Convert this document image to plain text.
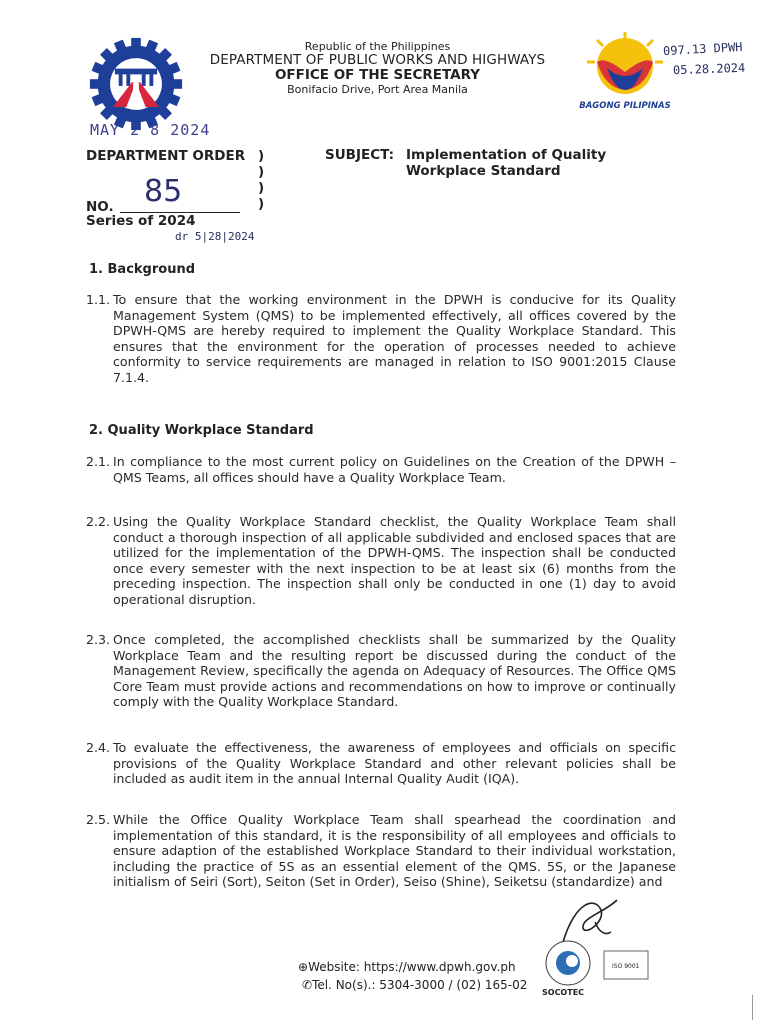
Republic of the Philippines
DEPARTMENT OF PUBLIC WORKS AND HIGHWAYS
OFFICE OF THE SECRETARY
Bonifacio Drive, Port Area Manila
BAGONG PILIPINAS
097.13 DPWH
05.28.2024
MAY 2 8 2024
DEPARTMENT ORDER
85
NO.
Series of 2024
dr 5|28|2024
)
)
)
)
SUBJECT: Implementation of Quality Workplace Standard
1. Background
1.1. To ensure that the working environment in the DPWH is conducive for its Quality Management System (QMS) to be implemented effectively, all offices covered by the DPWH-QMS are hereby required to implement the Quality Workplace Standard. This ensures that the environment for the operation of processes needed to achieve conformity to service requirements are managed in relation to ISO 9001:2015 Clause 7.1.4.
2. Quality Workplace Standard
2.1. In compliance to the most current policy on Guidelines on the Creation of the DPWH – QMS Teams, all offices should have a Quality Workplace Team.
2.2. Using the Quality Workplace Standard checklist, the Quality Workplace Team shall conduct a thorough inspection of all applicable subdivided and enclosed spaces that are utilized for the implementation of the DPWH-QMS. The inspection shall be conducted once every semester with the next inspection to be at least six (6) months from the preceding inspection. The inspection shall only be conducted in one (1) day to avoid operational disruption.
2.3. Once completed, the accomplished checklists shall be summarized by the Quality Workplace Team and the resulting report be discussed during the conduct of the Management Review, specifically the agenda on Adequacy of Resources. The Office QMS Core Team must provide actions and recommendations on how to improve or continually comply with the Quality Workplace Standard.
2.4. To evaluate the effectiveness, the awareness of employees and officials on specific provisions of the Quality Workplace Standard and other relevant policies shall be included as audit item in the annual Internal Quality Audit (IQA).
2.5. While the Office Quality Workplace Team shall spearhead the coordination and implementation of this standard, it is the responsibility of all employees and officials to ensure adaption of the established Workplace Standard to their individual workstation, including the practice of 5S as an essential element of the QMS. 5S, or the Japanese initialism of Seiri (Sort), Seiton (Set in Order), Seiso (Shine), Seiketsu (standardize) and
⊕Website: https://www.dpwh.gov.ph
✆Tel. No(s).: 5304-3000 / (02) 165-02
ISO 9001
SOCOTEC
